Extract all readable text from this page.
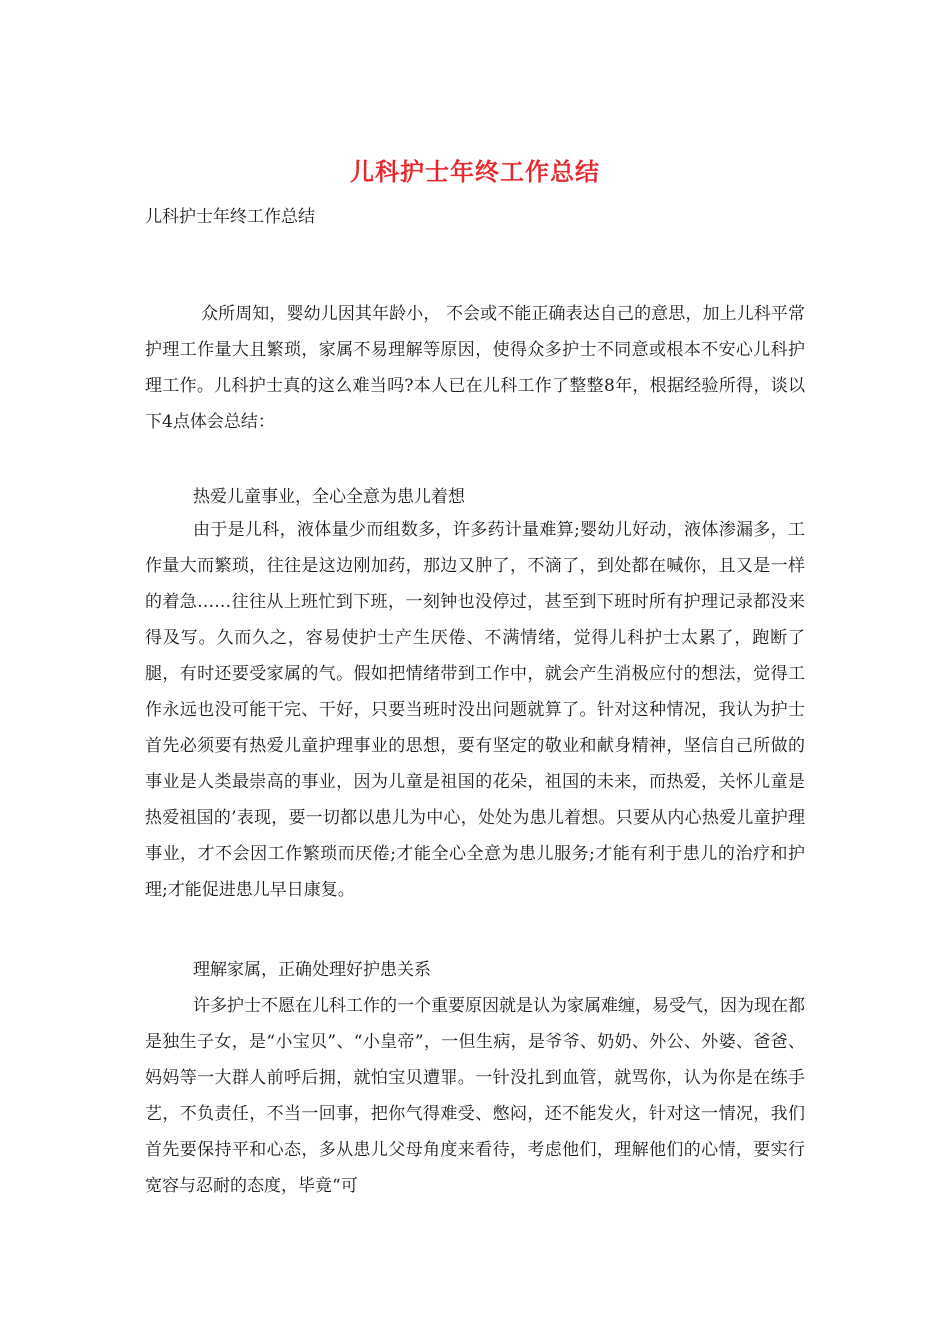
儿科护士年终工作总结
儿科护士年终工作总结
众所周知，婴幼儿因其年龄小， 不会或不能正确表达自己的意思，加上儿科平常护理工作量大且繁琐，家属不易理解等原因，使得众多护士不同意或根本不安心儿科护理工作。儿科护士真的这么难当吗?本人已在儿科工作了整整8年，根据经验所得，谈以下4点体会总结：
热爱儿童事业，全心全意为患儿着想
由于是儿科，液体量少而组数多，许多药计量难算;婴幼儿好动，液体渗漏多，工作量大而繁琐，往往是这边刚加药，那边又肿了，不滴了，到处都在喊你，且又是一样的着急……往往从上班忙到下班，一刻钟也没停过，甚至到下班时所有护理记录都没来得及写。久而久之，容易使护士产生厌倦、不满情绪，觉得儿科护士太累了，跑断了腿，有时还要受家属的气。假如把情绪带到工作中，就会产生消极应付的想法，觉得工作永远也没可能干完、干好，只要当班时没出问题就算了。针对这种情况，我认为护士首先必须要有热爱儿童护理事业的思想，要有坚定的敬业和献身精神，坚信自己所做的事业是人类最崇高的事业，因为儿童是祖国的花朵，祖国的未来，而热爱，关怀儿童是热爱祖国的’表现，要一切都以患儿为中心，处处为患儿着想。只要从内心热爱儿童护理事业，才不会因工作繁琐而厌倦;才能全心全意为患儿服务;才能有利于患儿的治疗和护理;才能促进患儿早日康复。
理解家属，正确处理好护患关系
许多护士不愿在儿科工作的一个重要原因就是认为家属难缠，易受气，因为现在都是独生子女，是“小宝贝”、“小皇帝”，一但生病，是爷爷、奶奶、外公、外婆、爸爸、妈妈等一大群人前呼后拥，就怕宝贝遭罪。一针没扎到血管，就骂你，认为你是在练手艺，不负责任，不当一回事，把你气得难受、憋闷，还不能发火，针对这一情况，我们首先要保持平和心态，多从患儿父母角度来看待，考虑他们，理解他们的心情，要实行宽容与忍耐的态度，毕竟“可
